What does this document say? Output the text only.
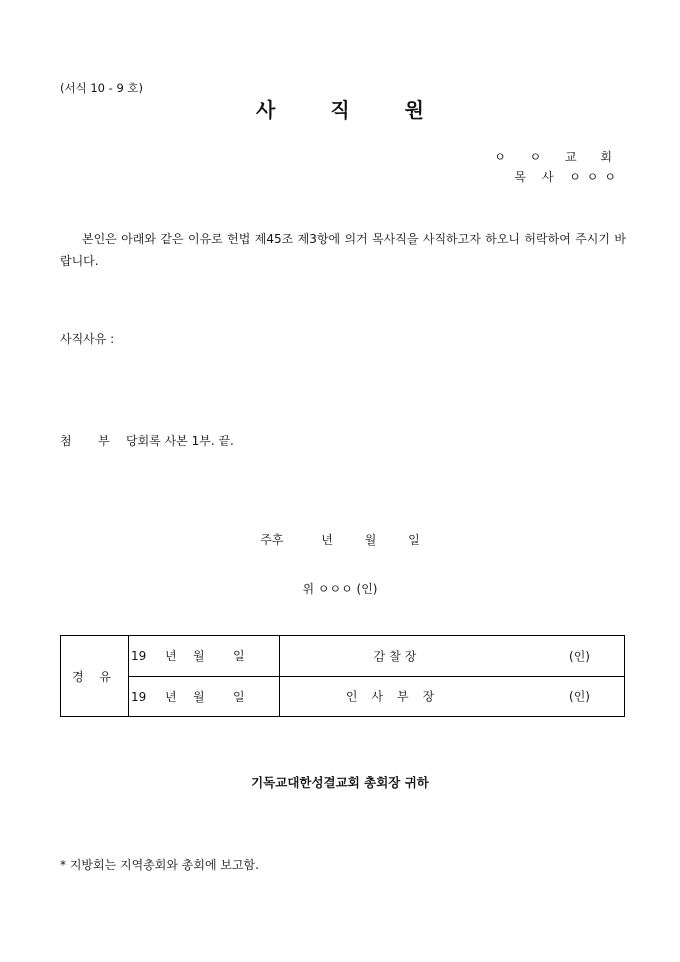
(서식 10 - 9 호)
사 직 원
ㅇ ㅇ 교 회
목 사 ㅇㅇㅇ
본인은 아래와 같은 이유로 헌법 제45조 제3항에 의거 목사직을 사직하고자 하오니 허락하여 주시기 바랍니다.
사직사유 :
첨 부 당회록 사본 1부. 끝.
주후	년	월	일
위 ㅇㅇㅇ (인)
경 유	19 년 월 일	감찰장 (인)

	19 년 월 일	인사부장 (인)
기독교대한성결교회 총회장 귀하
* 지방회는 지역총회와 총회에 보고함.
